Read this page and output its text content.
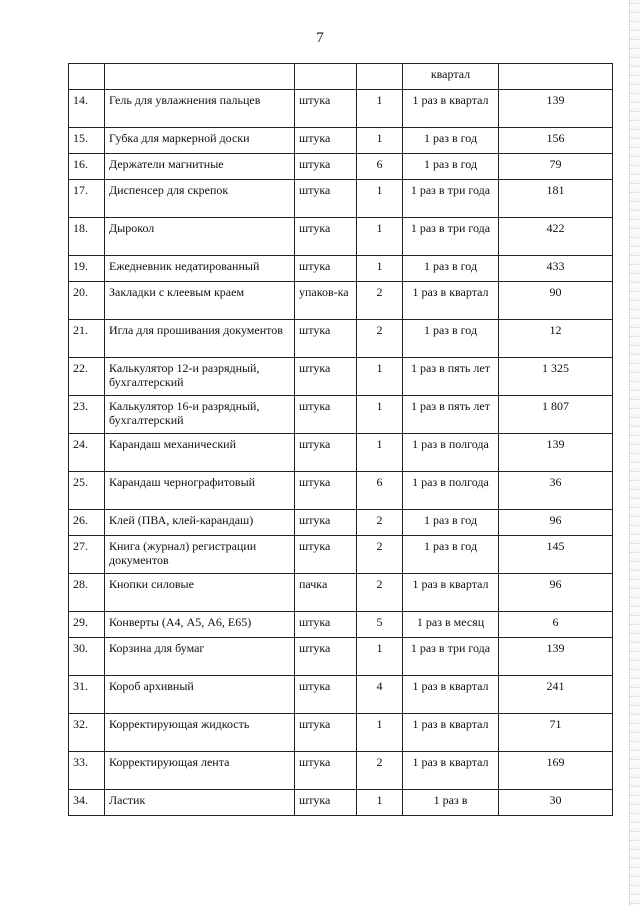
7
				квартал	
14.	Гель для увлажнения пальцев	штука	1	1 раз в квартал	139
15.	Губка для маркерной доски	штука	1	1 раз в год	156
16.	Держатели магнитные	штука	6	1 раз в год	79
17.	Диспенсер для скрепок	штука	1	1 раз в три года	181
18.	Дырокол	штука	1	1 раз в три года	422
19.	Ежедневник недатированный	штука	1	1 раз в год	433
20.	Закладки с клеевым краем	упаков-ка	2	1 раз в квартал	90
21.	Игла для прошивания документов	штука	2	1 раз в год	12
22.	Калькулятор 12-и разрядный, бухгалтерский	штука	1	1 раз в пять лет	1 325
23.	Калькулятор 16-и разрядный, бухгалтерский	штука	1	1 раз в пять лет	1 807
24.	Карандаш механический	штука	1	1 раз в полгода	139
25.	Карандаш чернографитовый	штука	6	1 раз в полгода	36
26.	Клей (ПВА, клей-карандаш)	штука	2	1 раз в год	96
27.	Книга (журнал) регистрации документов	штука	2	1 раз в год	145
28.	Кнопки силовые	пачка	2	1 раз в квартал	96
29.	Конверты (А4, А5, А6, Е65)	штука	5	1 раз в месяц	6
30.	Корзина для бумаг	штука	1	1 раз в три года	139
31.	Короб архивный	штука	4	1 раз в квартал	241
32.	Корректирующая жидкость	штука	1	1 раз в квартал	71
33.	Корректирующая лента	штука	2	1 раз в квартал	169
34.	Ластик	штука	1	1 раз в	30
